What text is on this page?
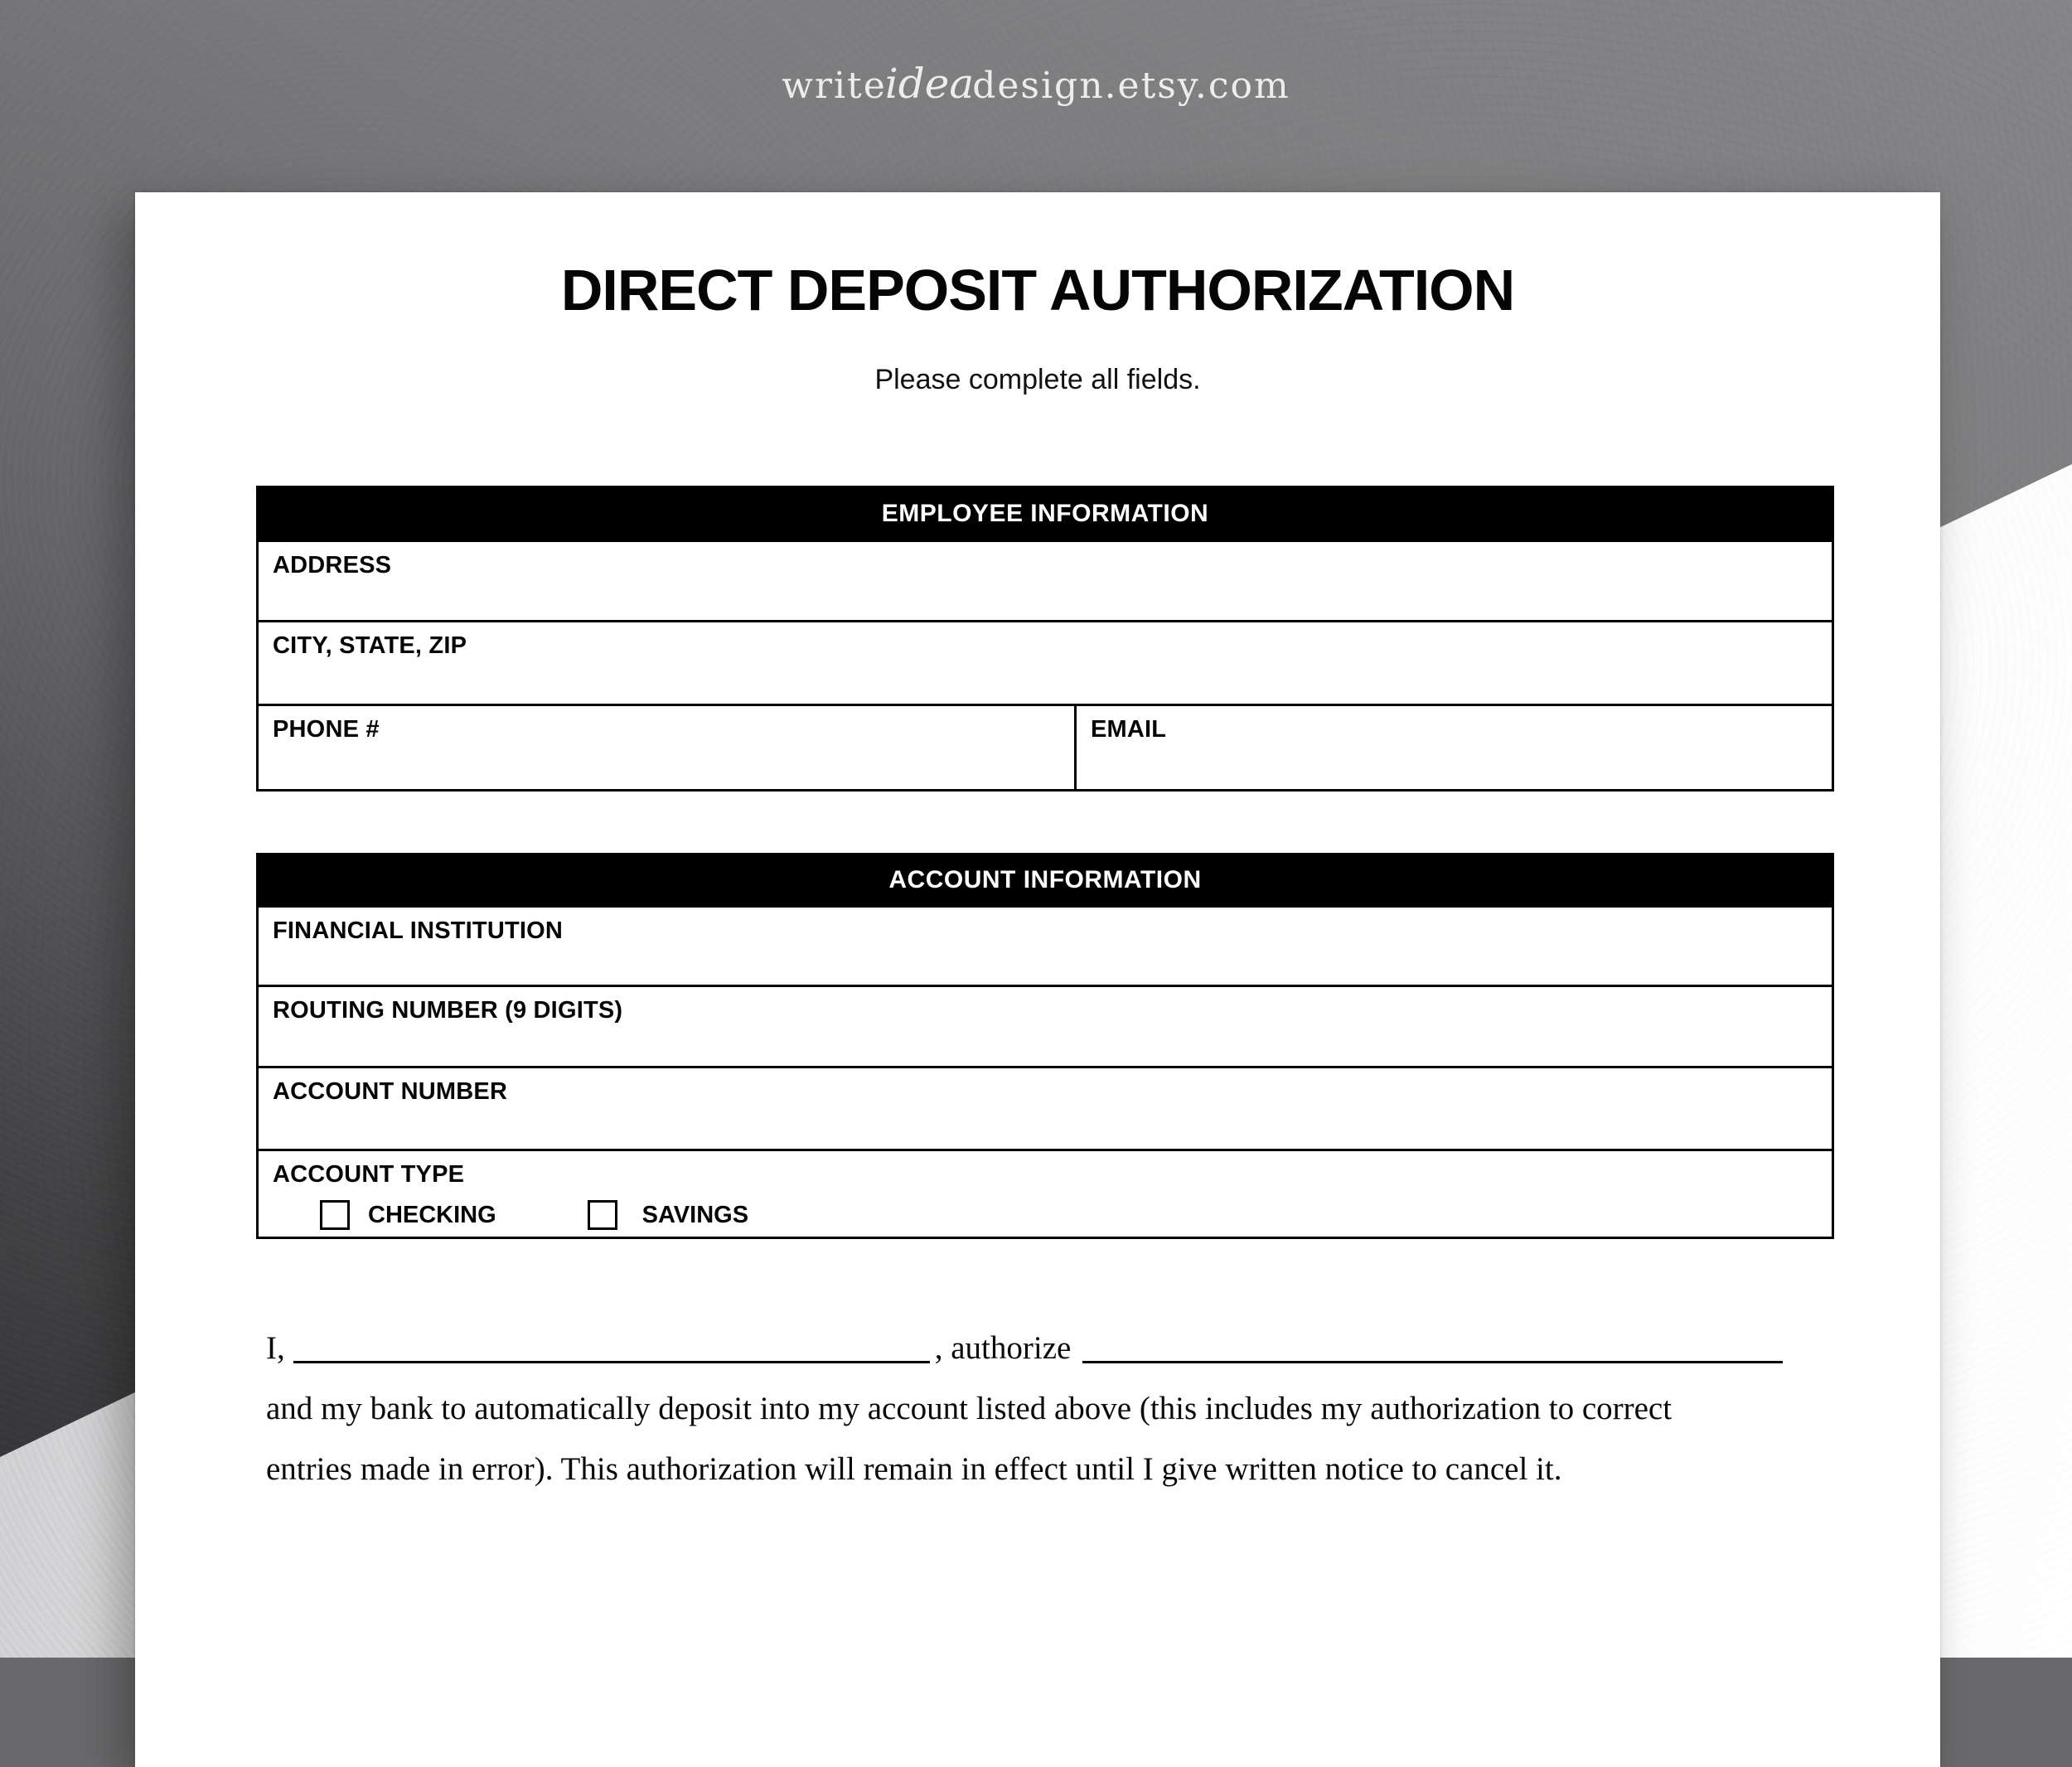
writeideadesign.etsy.com
DIRECT DEPOSIT AUTHORIZATION
Please complete all fields.
EMPLOYEE INFORMATION
ADDRESS
CITY, STATE, ZIP
PHONE #	EMAIL
ACCOUNT INFORMATION
FINANCIAL INSTITUTION
ROUTING NUMBER (9 DIGITS)
ACCOUNT NUMBER
ACCOUNT TYPE
CHECKING	SAVINGS
I,	, authorize
and my bank to automatically deposit into my account listed above (this includes my authorization to correct
entries made in error). This authorization will remain in effect until I give written notice to cancel it.
